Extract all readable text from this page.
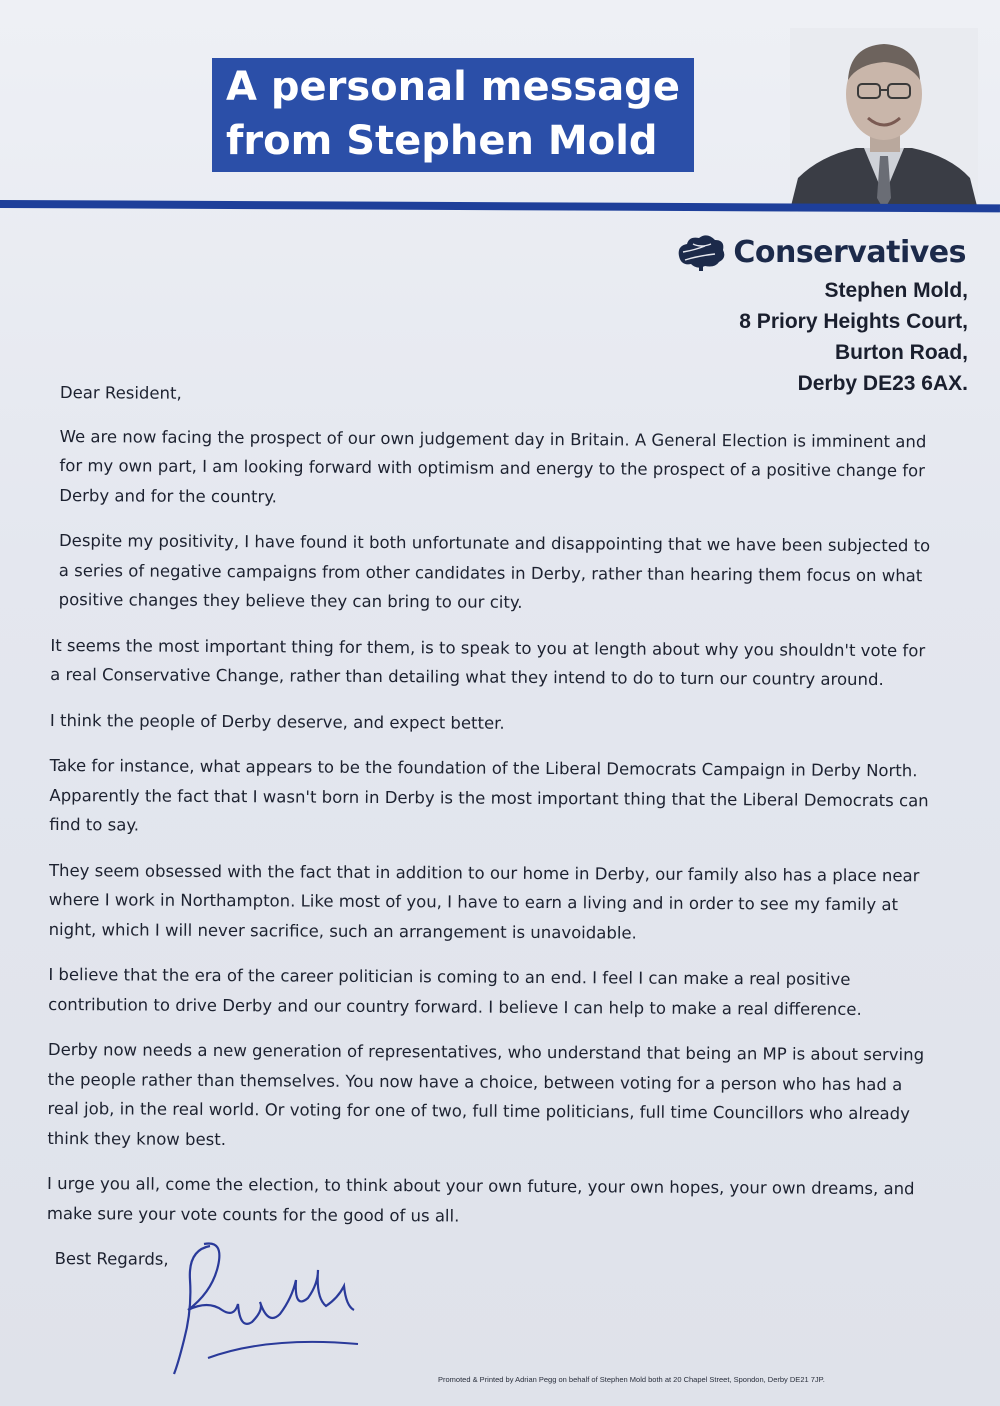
A personal message
from Stephen Mold
Conservatives
Stephen Mold,
8 Priory Heights Court,
Burton Road,
Derby DE23 6AX.
Dear Resident,

We are now facing the prospect of our own judgement day in Britain. A General Election is imminent and for my own part, I am looking forward with optimism and energy to the prospect of a positive change for Derby and for the country.

Despite my positivity, I have found it both unfortunate and disappointing that we have been subjected to a series of negative campaigns from other candidates in Derby, rather than hearing them focus on what positive changes they believe they can bring to our city.

It seems the most important thing for them, is to speak to you at length about why you shouldn't vote for a real Conservative Change, rather than detailing what they intend to do to turn our country around.

I think the people of Derby deserve, and expect better.

Take for instance, what appears to be the foundation of the Liberal Democrats Campaign in Derby North. Apparently the fact that I wasn't born in Derby is the most important thing that the Liberal Democrats can find to say.

They seem obsessed with the fact that in addition to our home in Derby, our family also has a place near where I work in Northampton. Like most of you, I have to earn a living and in order to see my family at night, which I will never sacrifice, such an arrangement is unavoidable.

I believe that the era of the career politician is coming to an end. I feel I can make a real positive contribution to drive Derby and our country forward. I believe I can help to make a real difference.

Derby now needs a new generation of representatives, who understand that being an MP is about serving the people rather than themselves. You now have a choice, between voting for a person who has had a real job, in the real world. Or voting for one of two, full time politicians, full time Councillors who already think they know best.

I urge you all, come the election, to think about your own future, your own hopes, your own dreams, and make sure your vote counts for the good of us all.

Best Regards,
Promoted & Printed by Adrian Pegg on behalf of Stephen Mold both at 20 Chapel Street, Spondon, Derby DE21 7JP.
